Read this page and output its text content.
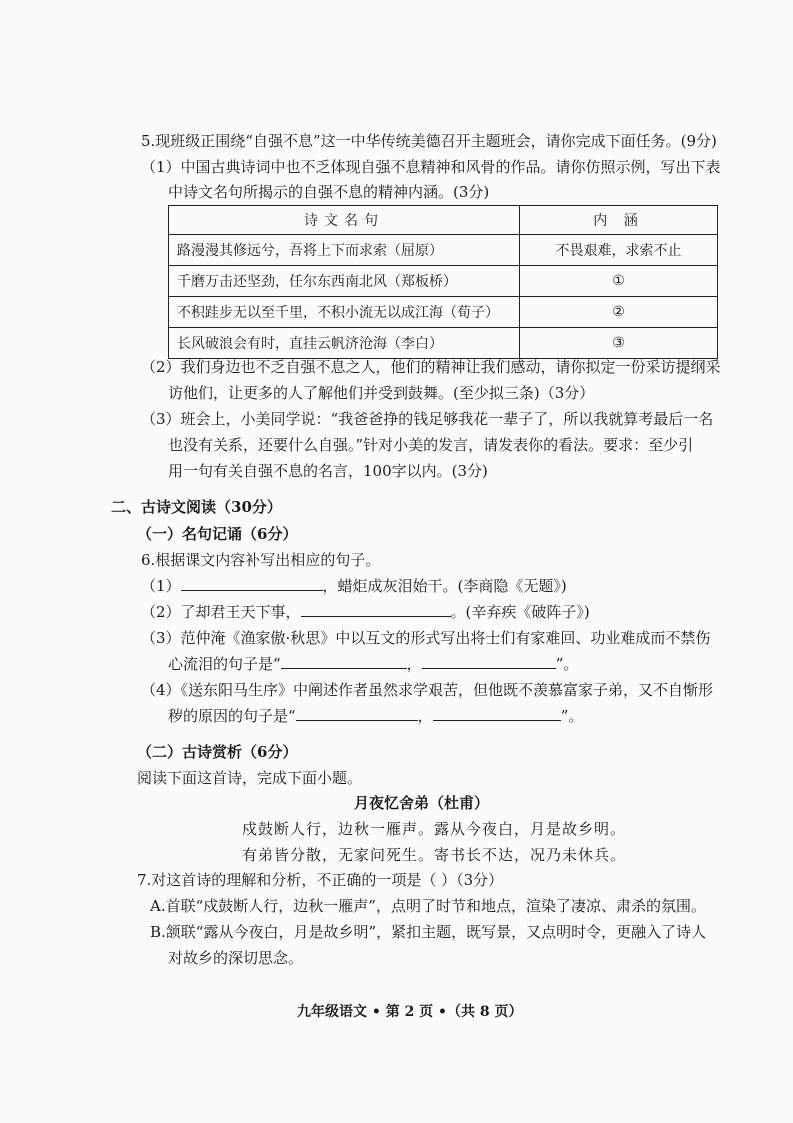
5.现班级正围绕“自强不息”这一中华传统美德召开主题班会，请你完成下面任务。(9分)
（1）中国古典诗词中也不乏体现自强不息精神和风骨的作品。请你仿照示例，写出下表
中诗文名句所揭示的自强不息的精神内涵。(3分)
诗文名句	内 涵
路漫漫其修远兮，吾将上下而求索（屈原）	不畏艰难，求索不止
千磨万击还坚劲，任尔东西南北风（郑板桥）	①
不积跬步无以至千里，不积小流无以成江海（荀子）	②
长风破浪会有时，直挂云帆济沧海（李白）	③
（2）我们身边也不乏自强不息之人，他们的精神让我们感动，请你拟定一份采访提纲采
访他们，让更多的人了解他们并受到鼓舞。(至少拟三条)（3分）
（3）班会上，小美同学说：“我爸爸挣的钱足够我花一辈子了，所以我就算考最后一名
也没有关系，还要什么自强。”针对小美的发言，请发表你的看法。要求：至少引
用一句有关自强不息的名言，100字以内。(3分)
二、古诗文阅读（30分）
（一）名句记诵（6分）
6.根据课文内容补写出相应的句子。
（1）	，蜡炬成灰泪始干。(李商隐《无题》)
（2）了却君王天下事，	。(辛弃疾《破阵子》)
（3）范仲淹《渔家傲·秋思》中以互文的形式写出将士们有家难回、功业难成而不禁伤
心流泪的句子是“	，	”。
（4）《送东阳马生序》中阐述作者虽然求学艰苦，但他既不羡慕富家子弟，又不自惭形
秽的原因的句子是“	，	”。
（二）古诗赏析（6分）
阅读下面这首诗，完成下面小题。
月夜忆舍弟（杜甫）
戍鼓断人行，边秋一雁声。露从今夜白，月是故乡明。
有弟皆分散，无家问死生。寄书长不达，况乃未休兵。
7.对这首诗的理解和分析，不正确的一项是（ ）（3分）
A.首联“戍鼓断人行，边秋一雁声”，点明了时节和地点，渲染了凄凉、肃杀的氛围。
B.颔联“露从今夜白，月是故乡明”，紧扣主题，既写景，又点明时令，更融入了诗人
对故乡的深切思念。
九年级语文 • 第 2 页 •（共 8 页）
